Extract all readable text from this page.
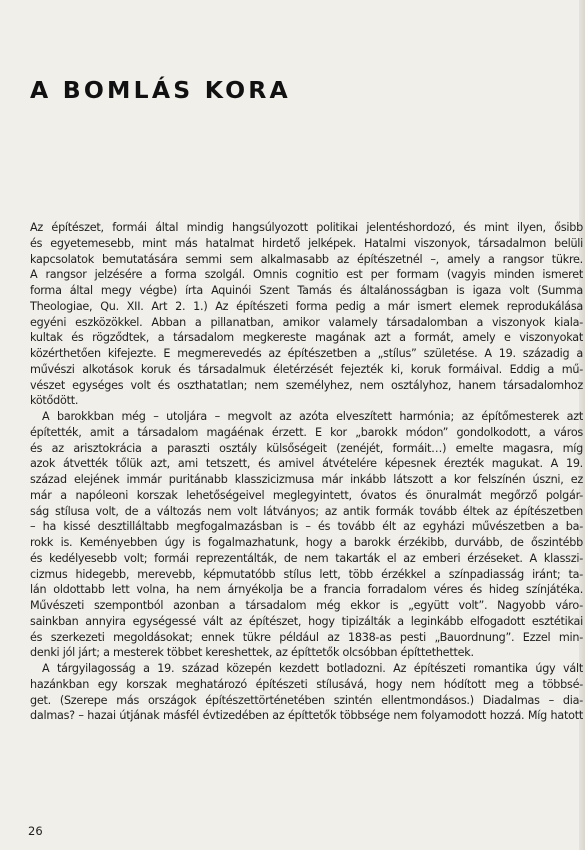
A BOMLÁS KORA
Az építészet, formái által mindig hangsúlyozott politikai jelentéshordozó, és mint ilyen, ősibb
és egyetemesebb, mint más hatalmat hirdető jelképek. Hatalmi viszonyok, társadalmon belüli
kapcsolatok bemutatására semmi sem alkalmasabb az építészetnél –, amely a rangsor tükre.
A rangsor jelzésére a forma szolgál. Omnis cognitio est per formam (vagyis minden ismeret
forma által megy végbe) írta Aquinói Szent Tamás és általánosságban is igaza volt (Summa
Theologiae, Qu. XII. Art 2. 1.) Az építészeti forma pedig a már ismert elemek reprodukálása
egyéni eszközökkel. Abban a pillanatban, amikor valamely társadalomban a viszonyok kiala-
kultak és rögződtek, a társadalom megkereste magának azt a formát, amely e viszonyokat
közérthetően kifejezte. E megmerevedés az építészetben a „stílus” születése. A 19. századig a
művészi alkotások koruk és társadalmuk életérzését fejezték ki, koruk formáival. Eddig a mű-
vészet egységes volt és oszthatatlan; nem személyhez, nem osztályhoz, hanem társadalomhoz
kötődött.
A barokkban még – utoljára – megvolt az azóta elveszített harmónia; az építőmesterek azt
építették, amit a társadalom magáénak érzett. E kor „barokk módon” gondolkodott, a város
és az arisztokrácia a paraszti osztály külsőségeit (zenéjét, formáit…) emelte magasra, míg
azok átvették tőlük azt, ami tetszett, és amivel átvételére képesnek érezték magukat. A 19.
század elejének immár puritánabb klasszicizmusa már inkább látszott a kor felszínén úszni, ez
már a napóleoni korszak lehetőségeivel meglegyintett, óvatos és önuralmát megőrző polgár-
ság stílusa volt, de a változás nem volt látványos; az antik formák tovább éltek az építészetben
– ha kissé desztilláltabb megfogalmazásban is – és tovább élt az egyházi művészetben a ba-
rokk is. Keményebben úgy is fogalmazhatunk, hogy a barokk érzékibb, durvább, de őszintébb
és kedélyesebb volt; formái reprezentálták, de nem takarták el az emberi érzéseket. A klasszi-
cizmus hidegebb, merevebb, képmutatóbb stílus lett, több érzékkel a színpadiasság iránt; ta-
lán oldottabb lett volna, ha nem árnyékolja be a francia forradalom véres és hideg színjátéka.
Művészeti szempontból azonban a társadalom még ekkor is „együtt volt”. Nagyobb váro-
sainkban annyira egységessé vált az építészet, hogy tipizálták a leginkább elfogadott esztétikai
és szerkezeti megoldásokat; ennek tükre például az 1838-as pesti „Bauordnung”. Ezzel min-
denki jól járt; a mesterek többet kereshettek, az építtetők olcsóbban építtethettek.
A tárgyilagosság a 19. század közepén kezdett botladozni. Az építészeti romantika úgy vált
hazánkban egy korszak meghatározó építészeti stílusává, hogy nem hódított meg a többsé-
get. (Szerepe más országok építészettörténetében szintén ellentmondásos.) Diadalmas – dia-
dalmas? – hazai útjának másfél évtizedében az építtetők többsége nem folyamodott hozzá. Míg hatott
26
